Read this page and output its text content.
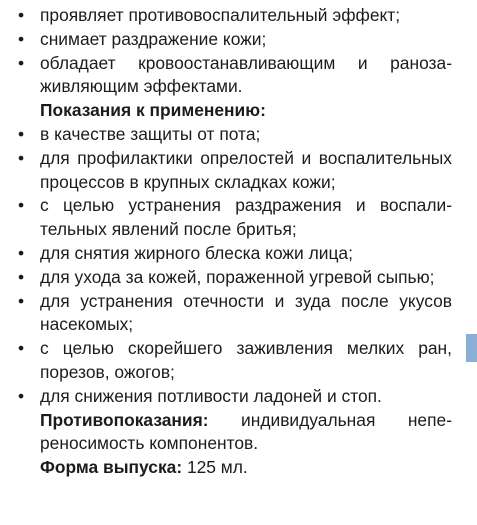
• проявляет противовоспалительный эффект;
• снимает раздражение кожи;
• обладает кровоостанавливающим и ранозаживляющим эффектами.
Показания к применению:
• в качестве защиты от пота;
• для профилактики опрелостей и воспалительных процессов в крупных складках кожи;
• с целью устранения раздражения и воспалительных явлений после бритья;
• для снятия жирного блеска кожи лица;
• для ухода за кожей, пораженной угревой сыпью;
• для устранения отечности и зуда после укусов насекомых;
• с целью скорейшего заживления мелких ран, порезов, ожогов;
• для снижения потливости ладоней и стоп.
Противопоказания: индивидуальная непереносимость компонентов.
Форма выпуска: 125 мл.
